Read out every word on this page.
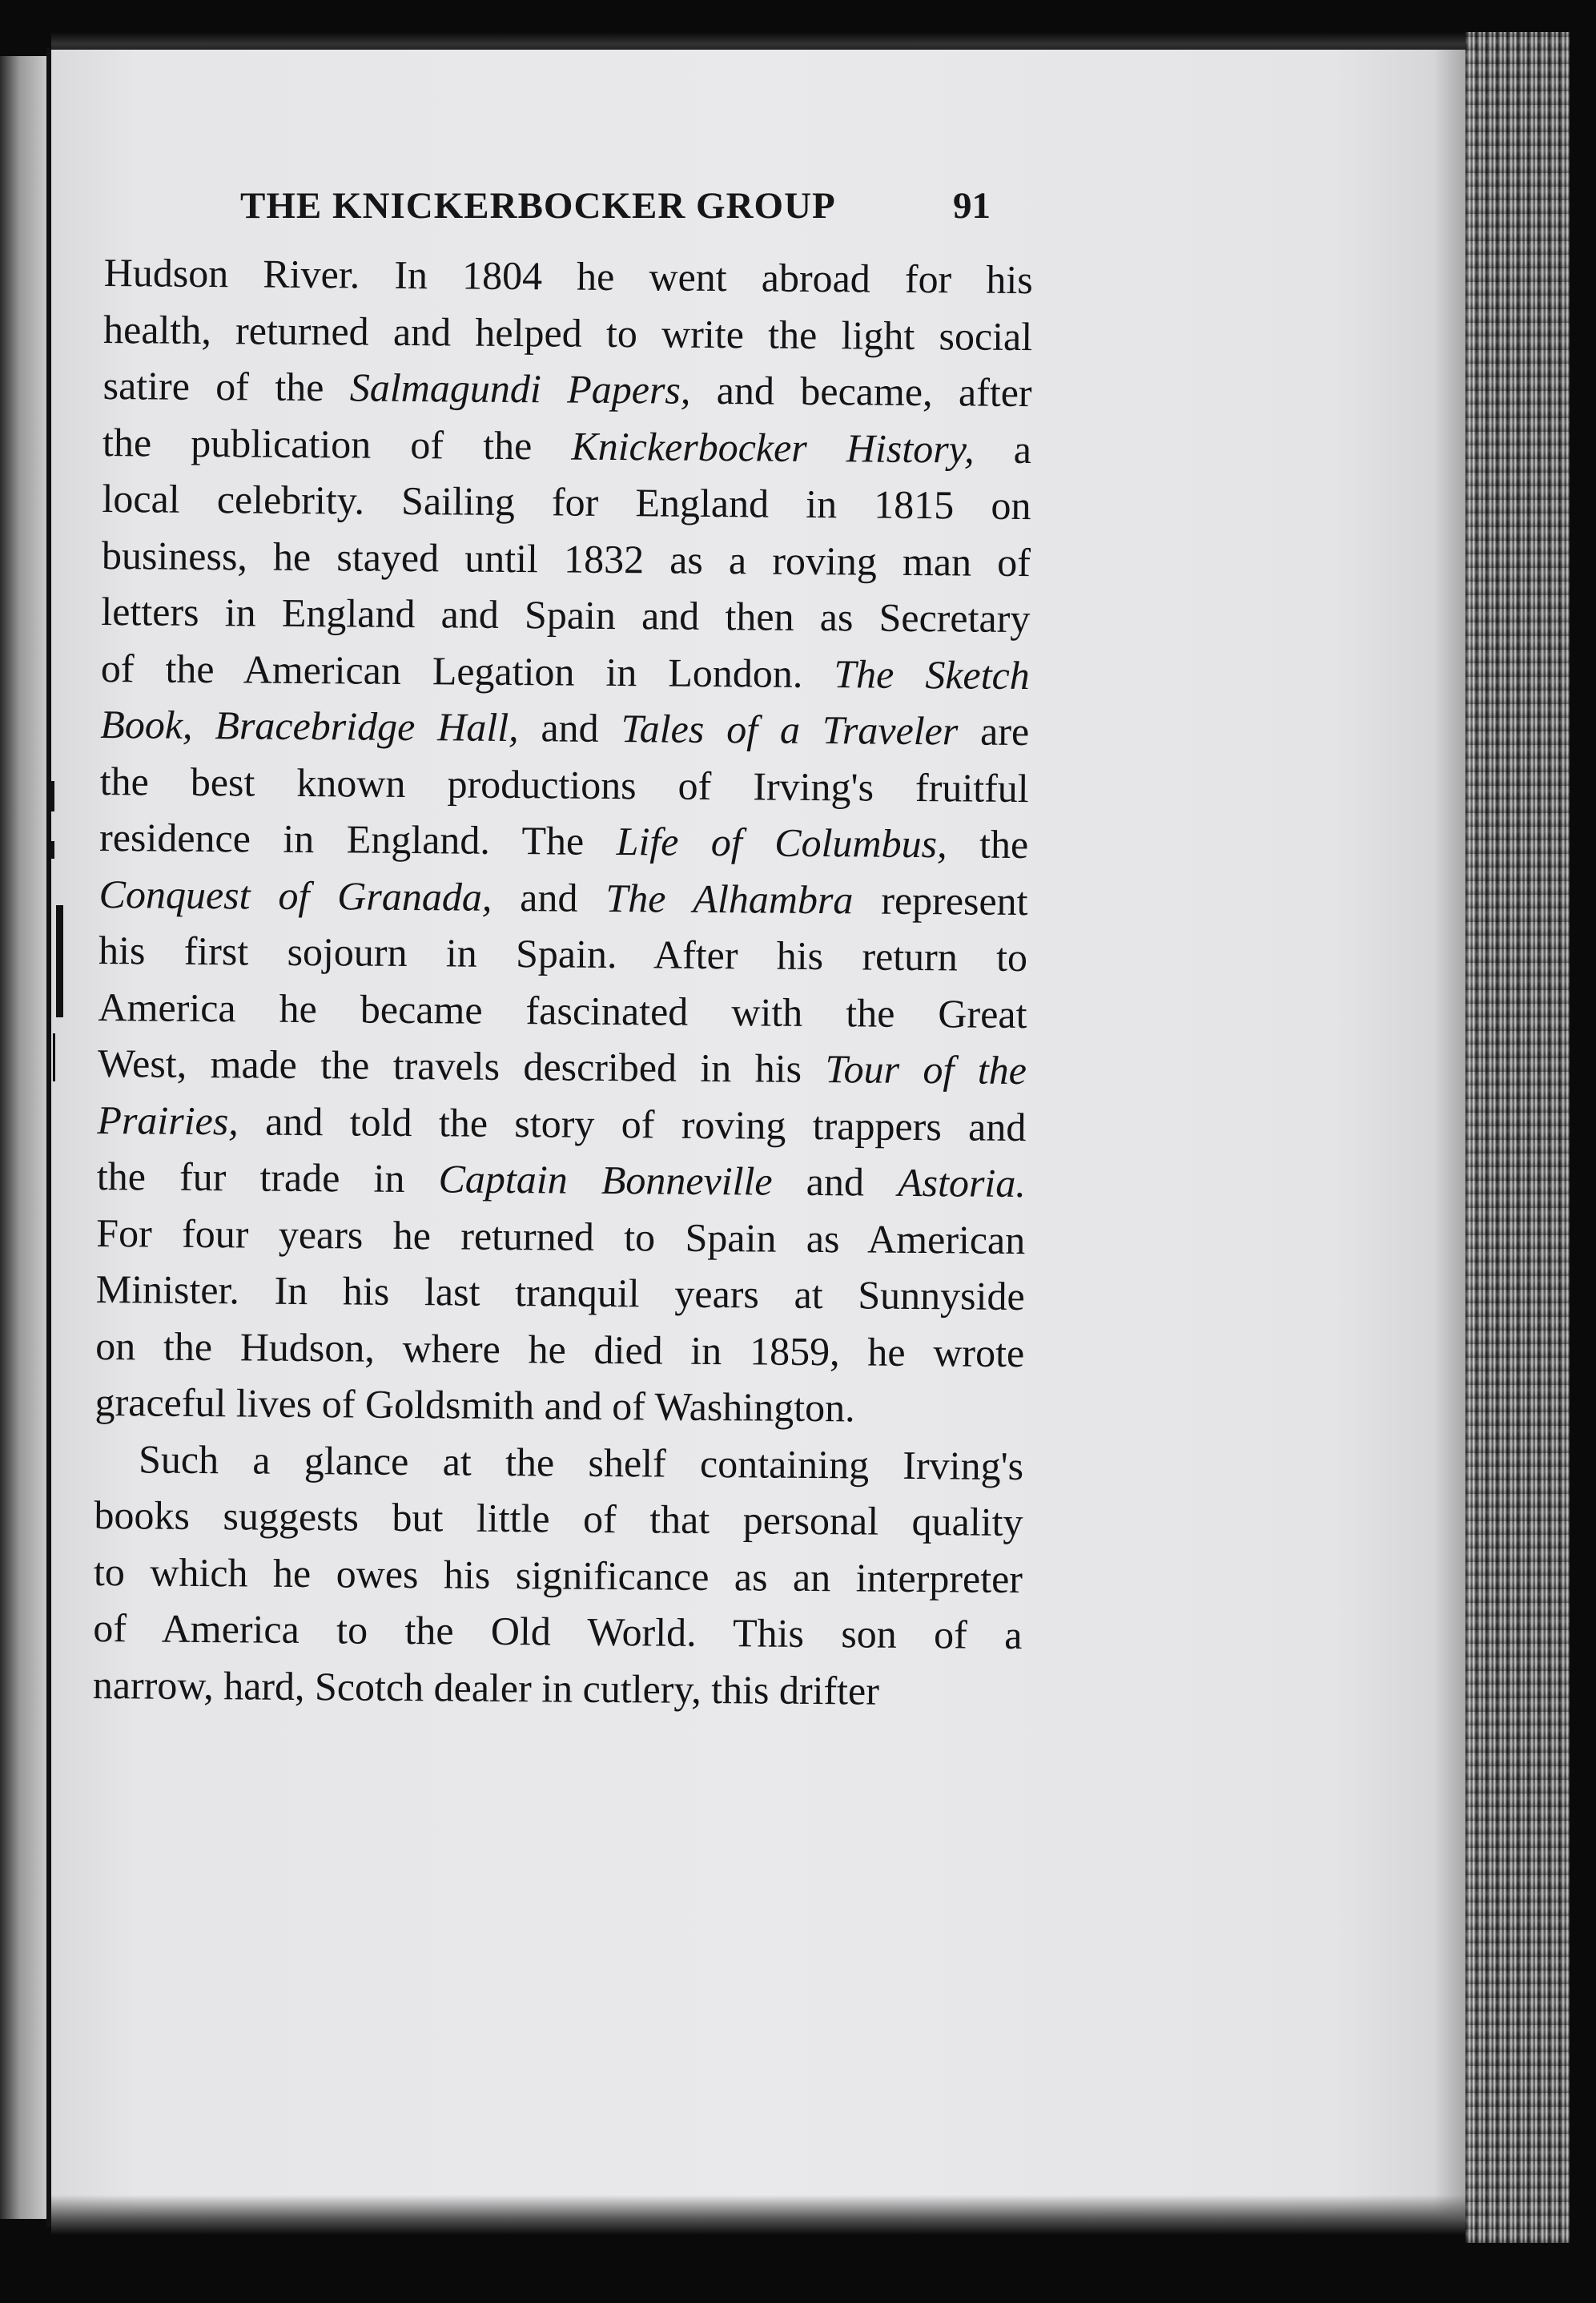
THE KNICKERBOCKER GROUP	91
Hudson River. In 1804 he went abroad for his
health, returned and helped to write the light social
satire of the Salmagundi Papers, and became, after
the publication of the Knickerbocker History, a
local celebrity. Sailing for England in 1815 on
business, he stayed until 1832 as a roving man of
letters in England and Spain and then as Secretary
of the American Legation in London. The Sketch
Book, Bracebridge Hall, and Tales of a Traveler are
the best known productions of Irving's fruitful
residence in England. The Life of Columbus, the
Conquest of Granada, and The Alhambra represent
his first sojourn in Spain. After his return to
America he became fascinated with the Great
West, made the travels described in his Tour of the
Prairies, and told the story of roving trappers and
the fur trade in Captain Bonneville and Astoria.
For four years he returned to Spain as American
Minister. In his last tranquil years at Sunnyside
on the Hudson, where he died in 1859, he wrote
graceful lives of Goldsmith and of Washington.
Such a glance at the shelf containing Irving's
books suggests but little of that personal quality
to which he owes his significance as an interpreter
of America to the Old World. This son of a
narrow, hard, Scotch dealer in cutlery, this drifter
